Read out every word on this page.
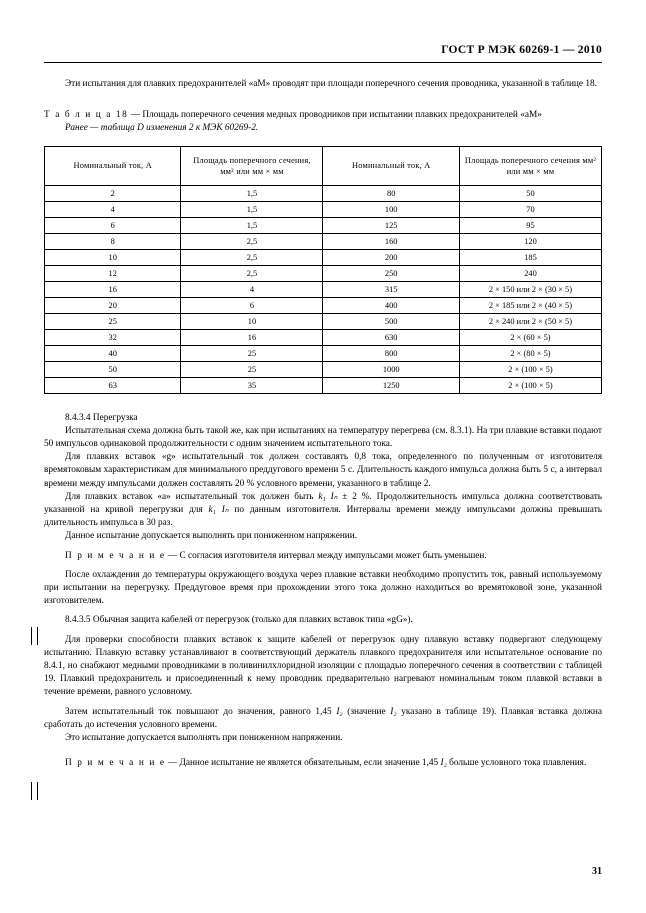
ГОСТ Р МЭК 60269-1 — 2010

Эти испытания для плавких предохранителей «aМ» проводят при площади поперечного сечения проводника, указанной в таблице 18.

Т а б л и ц а 18 — Площадь поперечного сечения медных проводников при испытании плавких предохранителей «aМ»

Ранее — таблица D изменения 2 к МЭК 60269-2.

Номинальный ток, А	Площадь поперечного сечения, мм² или мм × мм	Номинальный ток, А	Площадь поперечного сечения мм² или мм × мм
2	1,5	80	50
4	1,5	100	70
6	1,5	125	95
8	2,5	160	120
10	2,5	200	185
12	2,5	250	240
16	4	315	2 × 150 или 2 × (30 × 5)
20	6	400	2 × 185 или 2 × (40 × 5)
25	10	500	2 × 240 или 2 × (50 × 5)
32	16	630	2 × (60 × 5)
40	25	800	2 × (80 × 5)
50	25	1000	2 × (100 × 5)
63	35	1250	2 × (100 × 5)

8.4.3.4 Перегрузка

Испытательная схема должна быть такой же, как при испытаниях на температуру перегрева (см. 8.3.1). На три плавкие вставки подают 50 импульсов одинаковой продолжительности с одним значением испытательного тока.

Для плавких вставок «g» испытательный ток должен составлять 0,8 тока, определенного по полученным от изготовителя времятоковым характеристикам для минимального преддугового времени 5 с. Длительность каждого импульса должна быть 5 с, а интервал времени между импульсами должен составлять 20 % условного времени, указанного в таблице 2.

Для плавких вставок «a» испытательный ток должен быть k₁ Iₙ ± 2 %. Продолжительность импульса должна соответствовать указанной на кривой перегрузки для k₁ Iₙ по данным изготовителя. Интервалы времени между импульсами должны превышать длительность импульса в 30 раз.

Данное испытание допускается выполнять при пониженном напряжении.

П р и м е ч а н и е — С согласия изготовителя интервал между импульсами может быть уменьшен.

После охлаждения до температуры окружающего воздуха через плавкие вставки необходимо пропустить ток, равный используемому при испытании на перегрузку. Преддуговое время при прохождении этого тока должно находиться во времятоковой зоне, указанной изготовителем.

8.4.3.5 Обычная защита кабелей от перегрузок (только для плавких вставок типа «gG»).

Для проверки способности плавких вставок к защите кабелей от перегрузок одну плавкую вставку подвергают следующему испытанию. Плавкую вставку устанавливают в соответствующий держатель плавкого предохранителя или испытательное основание по 8.4.1, но снабжают медными проводниками в поливинилхлоридной изоляции с площадью поперечного сечения в соответствии с таблицей 19. Плавкий предохранитель и присоединенный к нему проводник предварительно нагревают номинальным током плавкой вставки в течение времени, равного условному.

Затем испытательный ток повышают до значения, равного 1,45 I₂ (значение I₂ указано в таблице 19). Плавкая вставка должна сработать до истечения условного времени.

Это испытание допускается выполнять при пониженном напряжении.

П р и м е ч а н и е — Данное испытание не является обязательным, если значение 1,45 I₂ больше условного тока плавления.

31
